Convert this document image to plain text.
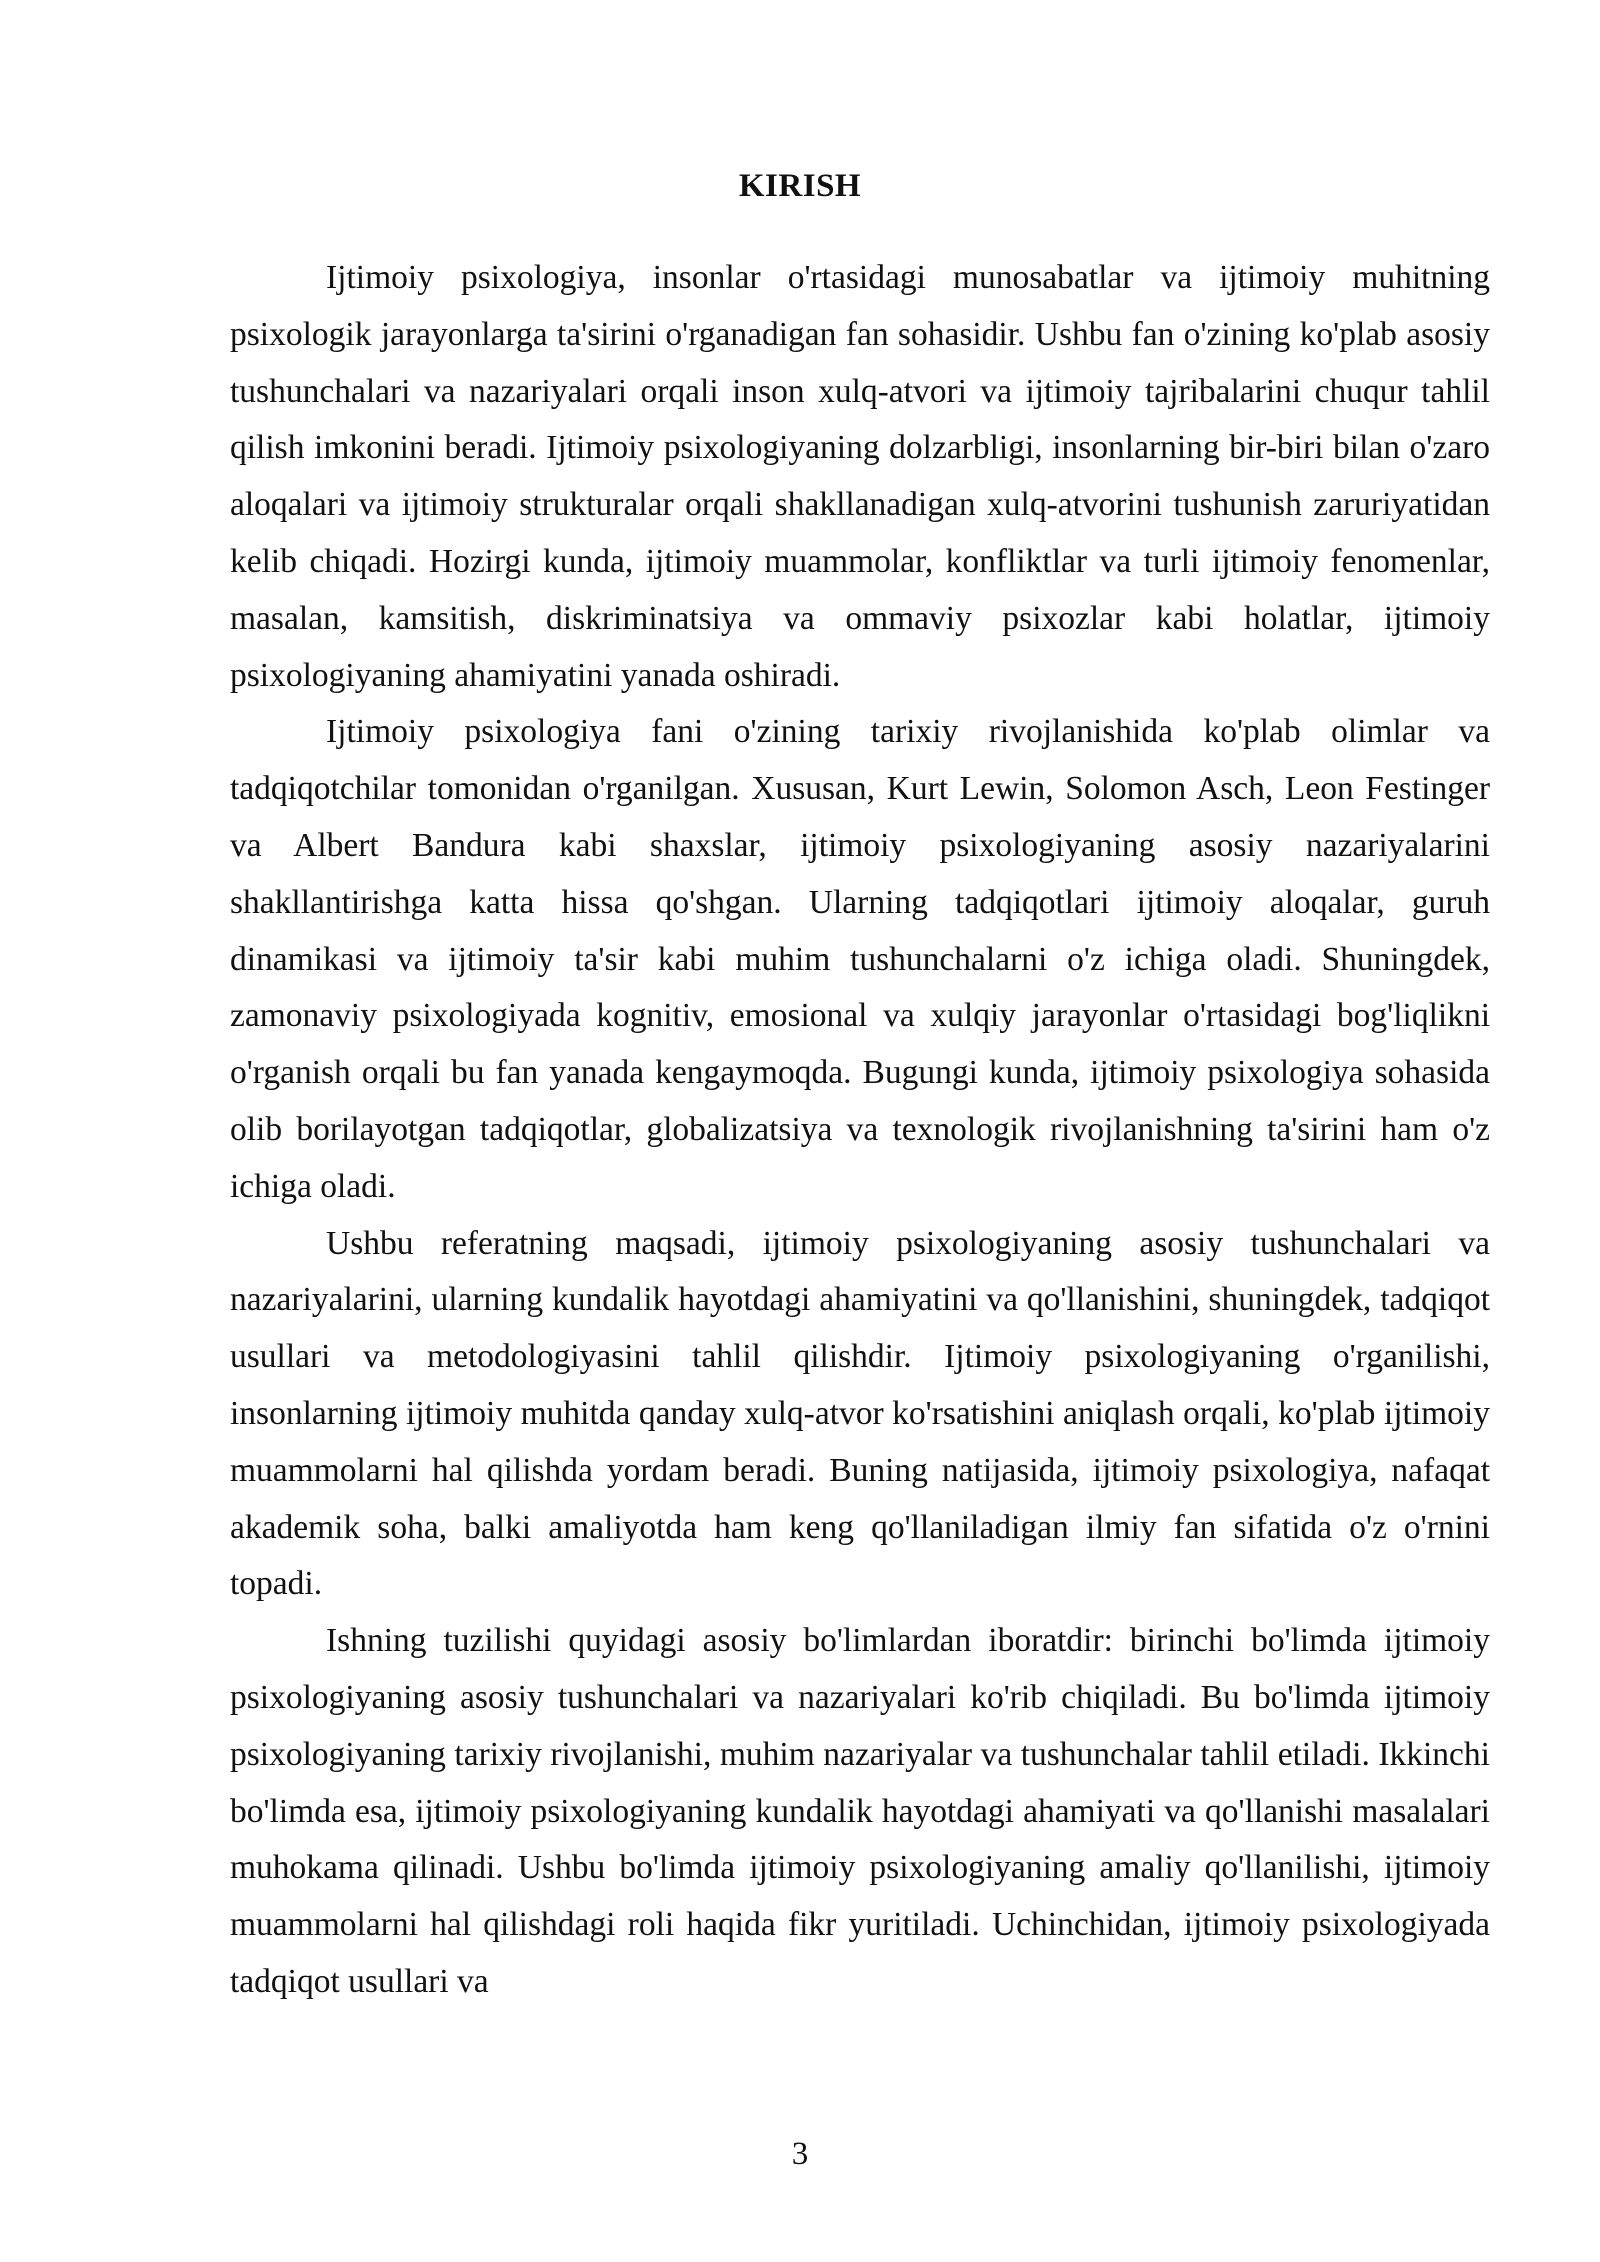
KIRISH

Ijtimoiy psixologiya, insonlar o'rtasidagi munosabatlar va ijtimoiy muhitning psixologik jarayonlarga ta'sirini o'rganadigan fan sohasidir. Ushbu fan o'zining ko'plab asosiy tushunchalari va nazariyalari orqali inson xulq-atvori va ijtimoiy tajribalarini chuqur tahlil qilish imkonini beradi. Ijtimoiy psixologiyaning dolzarbligi, insonlarning bir-biri bilan o'zaro aloqalari va ijtimoiy strukturalar orqali shakllanadigan xulq-atvorini tushunish zaruriyatidan kelib chiqadi. Hozirgi kunda, ijtimoiy muammolar, konfliktlar va turli ijtimoiy fenomenlar, masalan, kamsitish, diskriminatsiya va ommaviy psixozlar kabi holatlar, ijtimoiy psixologiyaning ahamiyatini yanada oshiradi.

Ijtimoiy psixologiya fani o'zining tarixiy rivojlanishida ko'plab olimlar va tadqiqotchilar tomonidan o'rganilgan. Xususan, Kurt Lewin, Solomon Asch, Leon Festinger va Albert Bandura kabi shaxslar, ijtimoiy psixologiyaning asosiy nazariyalarini shakllantirishga katta hissa qo'shgan. Ularning tadqiqotlari ijtimoiy aloqalar, guruh dinamikasi va ijtimoiy ta'sir kabi muhim tushunchalarni o'z ichiga oladi. Shuningdek, zamonaviy psixologiyada kognitiv, emosional va xulqiy jarayonlar o'rtasidagi bog'liqlikni o'rganish orqali bu fan yanada kengaymoqda. Bugungi kunda, ijtimoiy psixologiya sohasida olib borilayotgan tadqiqotlar, globalizatsiya va texnologik rivojlanishning ta'sirini ham o'z ichiga oladi.

Ushbu referatning maqsadi, ijtimoiy psixologiyaning asosiy tushunchalari va nazariyalarini, ularning kundalik hayotdagi ahamiyatini va qo'llanishini, shuningdek, tadqiqot usullari va metodologiyasini tahlil qilishdir. Ijtimoiy psixologiyaning o'rganilishi, insonlarning ijtimoiy muhitda qanday xulq-atvor ko'rsatishini aniqlash orqali, ko'plab ijtimoiy muammolarni hal qilishda yordam beradi. Buning natijasida, ijtimoiy psixologiya, nafaqat akademik soha, balki amaliyotda ham keng qo'llaniladigan ilmiy fan sifatida o'z o'rnini topadi.

Ishning tuzilishi quyidagi asosiy bo'limlardan iboratdir: birinchi bo'limda ijtimoiy psixologiyaning asosiy tushunchalari va nazariyalari ko'rib chiqiladi. Bu bo'limda ijtimoiy psixologiyaning tarixiy rivojlanishi, muhim nazariyalar va tushunchalar tahlil etiladi. Ikkinchi bo'limda esa, ijtimoiy psixologiyaning kundalik hayotdagi ahamiyati va qo'llanishi masalalari muhokama qilinadi. Ushbu bo'limda ijtimoiy psixologiyaning amaliy qo'llanilishi, ijtimoiy muammolarni hal qilishdagi roli haqida fikr yuritiladi. Uchinchidan, ijtimoiy psixologiyada tadqiqot usullari va

3
